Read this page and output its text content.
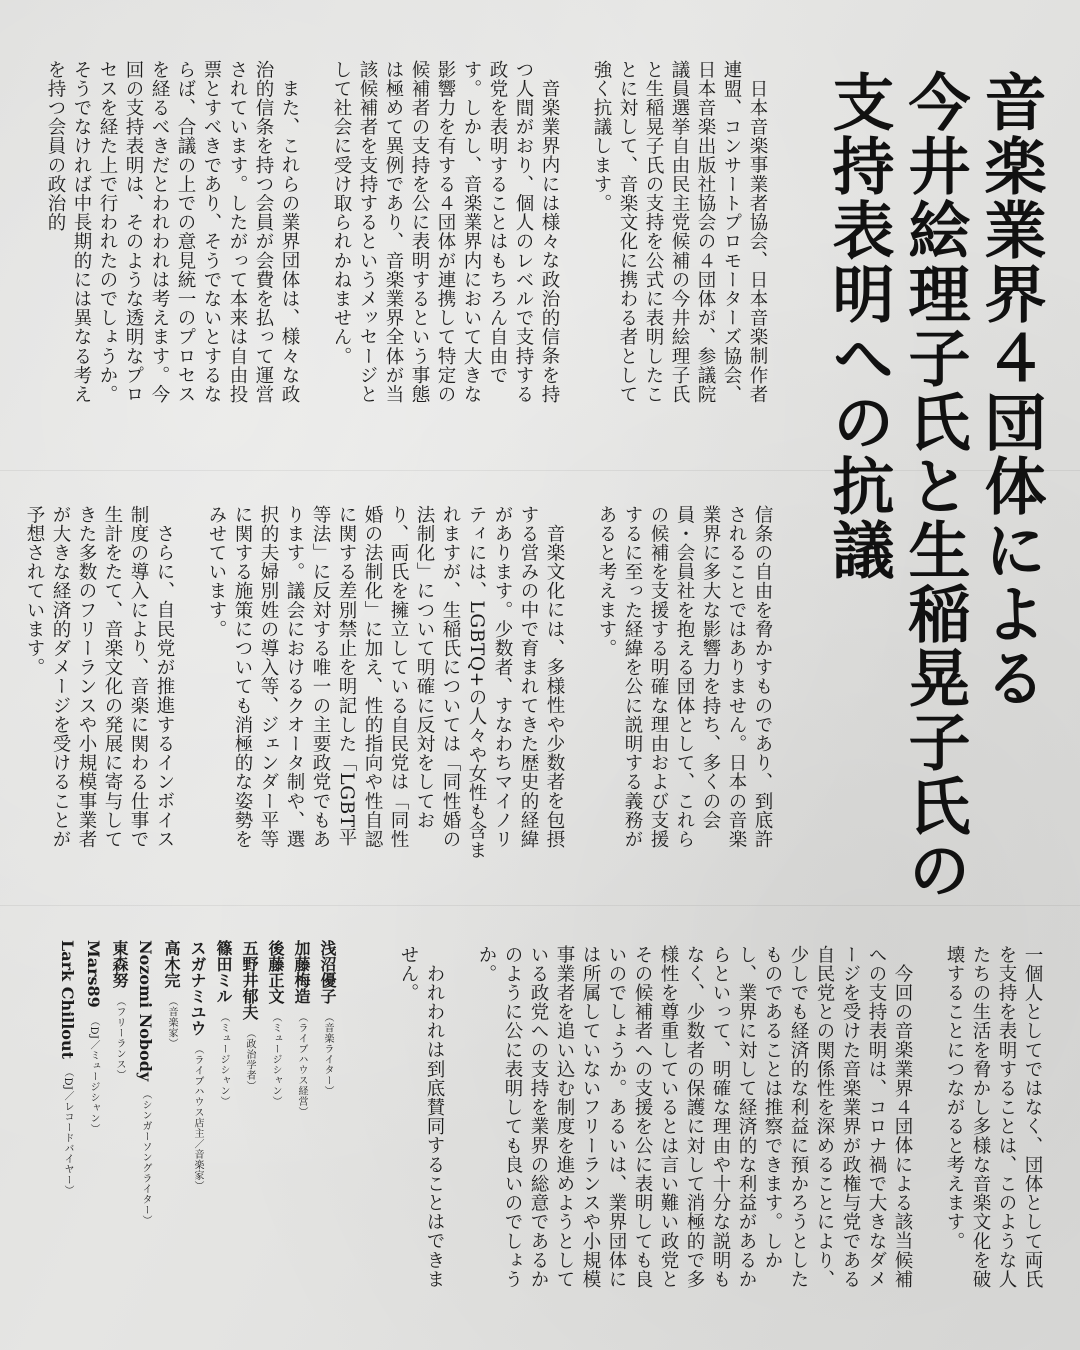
音楽業界４団体による
今井絵理子氏と生稲晃子氏の
支持表明への抗議

日本音楽事業者協会、日本音楽制作者連盟、コンサートプロモーターズ協会、日本音楽出版社協会の４団体が、参議院議員選挙自由民主党候補の今井絵理子氏と生稲晃子氏の支持を公式に表明したことに対して、音楽文化に携わる者として強く抗議します。

音楽業界内には様々な政治的信条を持つ人間がおり、個人のレベルで支持する政党を表明することはもちろん自由です。しかし、音楽業界内において大きな影響力を有する４団体が連携して特定の候補者の支持を公に表明するという事態は極めて異例であり、音楽業界全体が当該候補者を支持するというメッセージとして社会に受け取られかねません。

また、これらの業界団体は、様々な政治的信条を持つ会員が会費を払って運営されています。したがって本来は自由投票とすべきであり、そうでないとするならば、合議の上での意見統一のプロセスを経るべきだとわれわれは考えます。今回の支持表明は、そのような透明なプロセスを経た上で行われたのでしょうか。そうでなければ中長期的には異なる考えを持つ会員の政治的

信条の自由を脅かすものであり、到底許されることではありません。日本の音楽業界に多大な影響力を持ち、多くの会員・会員社を抱える団体として、これらの候補を支援する明確な理由および支援するに至った経緯を公に説明する義務があると考えます。

音楽文化には、多様性や少数者を包摂する営みの中で育まれてきた歴史的経緯があります。少数者、すなわちマイノリティには、LGBTQ+の人々や女性も含まれますが、生稲氏については「同性婚の法制化」について明確に反対をしており、両氏を擁立している自民党は「同性婚の法制化」に加え、性的指向や性自認に関する差別禁止を明記した「LGBT平等法」に反対する唯一の主要政党でもあります。議会におけるクオータ制や、選択的夫婦別姓の導入等、ジェンダー平等に関する施策についても消極的な姿勢をみせています。

さらに、自民党が推進するインボイス制度の導入により、音楽に関わる仕事で生計をたて、音楽文化の発展に寄与してきた多数のフリーランスや小規模事業者が大きな経済的ダメージを受けることが予想されています。

一個人としてではなく、団体として両氏を支持を表明することは、このような人たちの生活を脅かし多様な音楽文化を破壊することにつながると考えます。

今回の音楽業界４団体による該当候補への支持表明は、コロナ禍で大きなダメージを受けた音楽業界が政権与党である自民党との関係性を深めることにより、少しでも経済的な利益に預かろうとしたものであることは推察できます。しかし、業界に対して経済的な利益があるからといって、明確な理由や十分な説明もなく、少数者の保護に対して消極的で多様性を尊重しているとは言い難い政党とその候補者への支援を公に表明しても良いのでしょうか。あるいは、業界団体には所属していないフリーランスや小規模事業者を追い込む制度を進めようとしている政党への支持を業界の総意であるかのように公に表明しても良いのでしょうか。

われわれは到底賛同することはできません。

浅沼優子（音楽ライター）
加藤梅造（ライブハウス経営）
後藤正文（ミュージシャン）
五野井郁夫（政治学者）
篠田ミル（ミュージシャン）
スガナミユウ（ライブハウス店主／音楽家）
高木完（音楽家）
Nozomi Nobody（シンガーソングライター）
東森努（フリーランス）
Mars89（DJ／ミュージシャン）
Lark Chillout（DJ／レコードバイヤー）
